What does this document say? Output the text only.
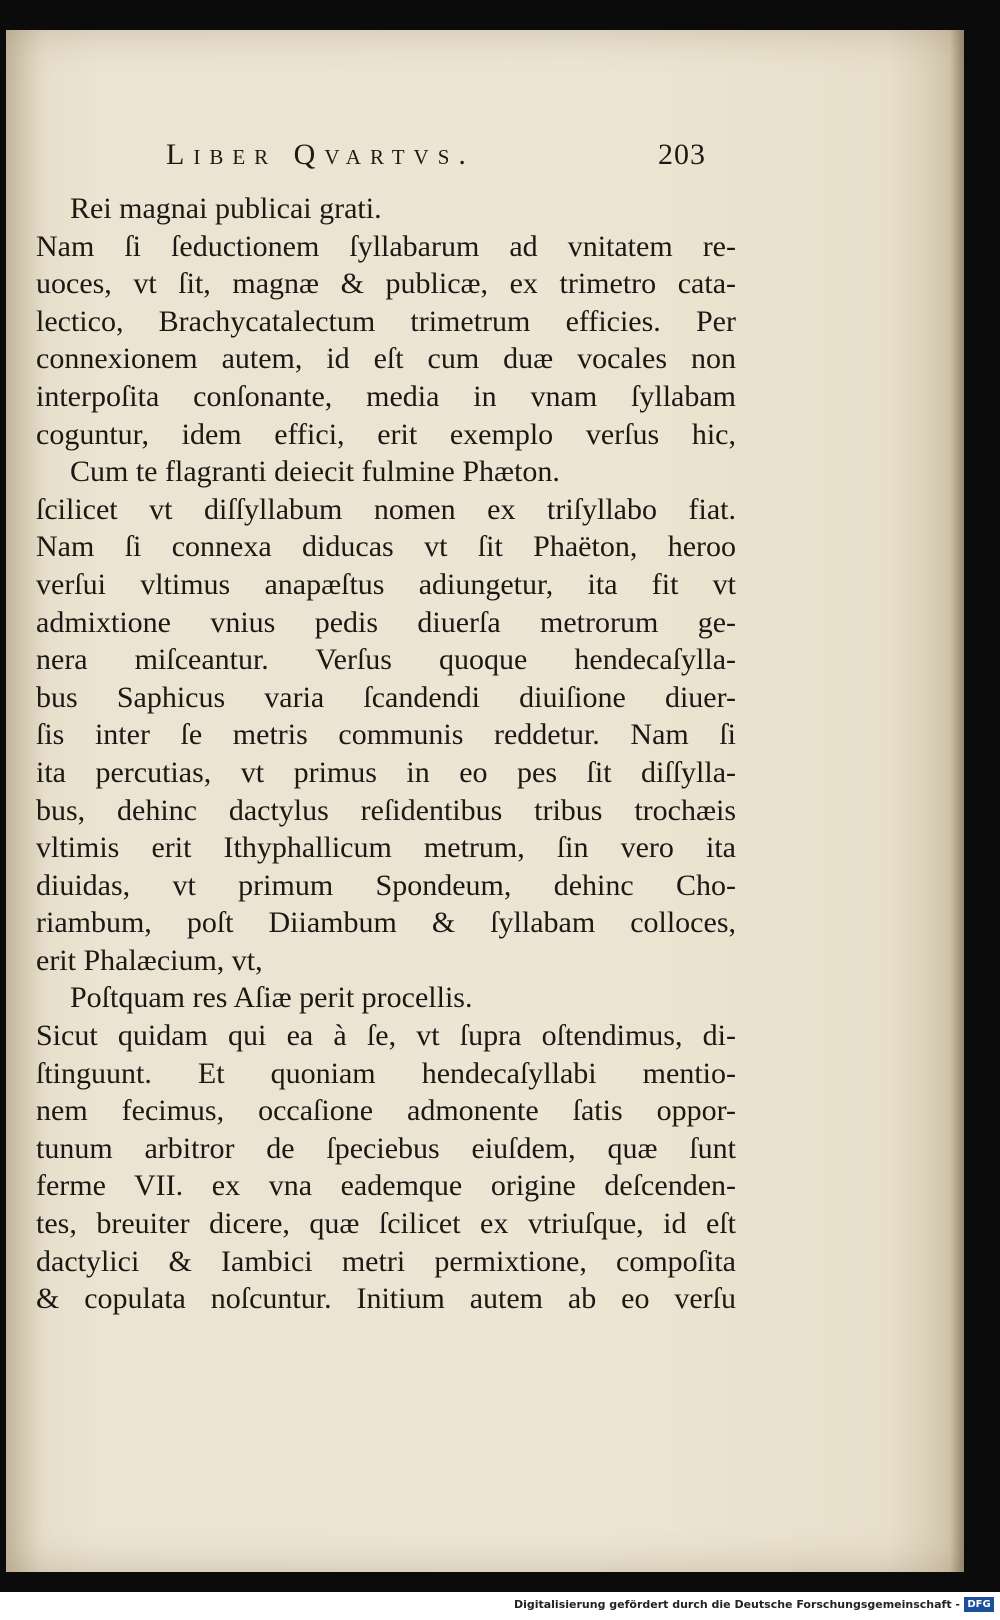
Liber Qvartvs.	203
Rei magnai publicai grati.
Nam ſi ſeductionem ſyllabarum ad vnitatem re-
uoces, vt ſit, magnæ & publicæ, ex trimetro cata-
lectico, Brachycatalectum trimetrum efficies. Per
connexionem autem, id eſt cum duæ vocales non
interpoſita conſonante, media in vnam ſyllabam
coguntur, idem effici, erit exemplo verſus hic,
Cum te flagranti deiecit fulmine Phæton.
ſcilicet vt diſſyllabum nomen ex triſyllabo fiat.
Nam ſi connexa diducas vt ſit Phaëton, heroo
verſui vltimus anapæſtus adiungetur, ita fit vt
admixtione vnius pedis diuerſa metrorum ge-
nera miſceantur. Verſus quoque hendecaſylla-
bus Saphicus varia ſcandendi diuiſione diuer-
ſis inter ſe metris communis reddetur. Nam ſi
ita percutias, vt primus in eo pes ſit diſſylla-
bus, dehinc dactylus reſidentibus tribus trochæis
vltimis erit Ithyphallicum metrum, ſin vero ita
diuidas, vt primum Spondeum, dehinc Cho-
riambum, poſt Diiambum & ſyllabam colloces,
erit Phalæcium, vt,
Poſtquam res Aſiæ perit procellis.
Sicut quidam qui ea à ſe, vt ſupra oſtendimus, di-
ſtinguunt. Et quoniam hendecaſyllabi mentio-
nem fecimus, occaſione admonente ſatis oppor-
tunum arbitror de ſpeciebus eiuſdem, quæ ſunt
ferme VII. ex vna eademque origine deſcenden-
tes, breuiter dicere, quæ ſcilicet ex vtriuſque, id eſt
dactylici & Iambici metri permixtione, compoſita
& copulata noſcuntur. Initium autem ab eo verſu
Digitalisierung gefördert durch die Deutsche Forschungsgemeinschaft - DFG
